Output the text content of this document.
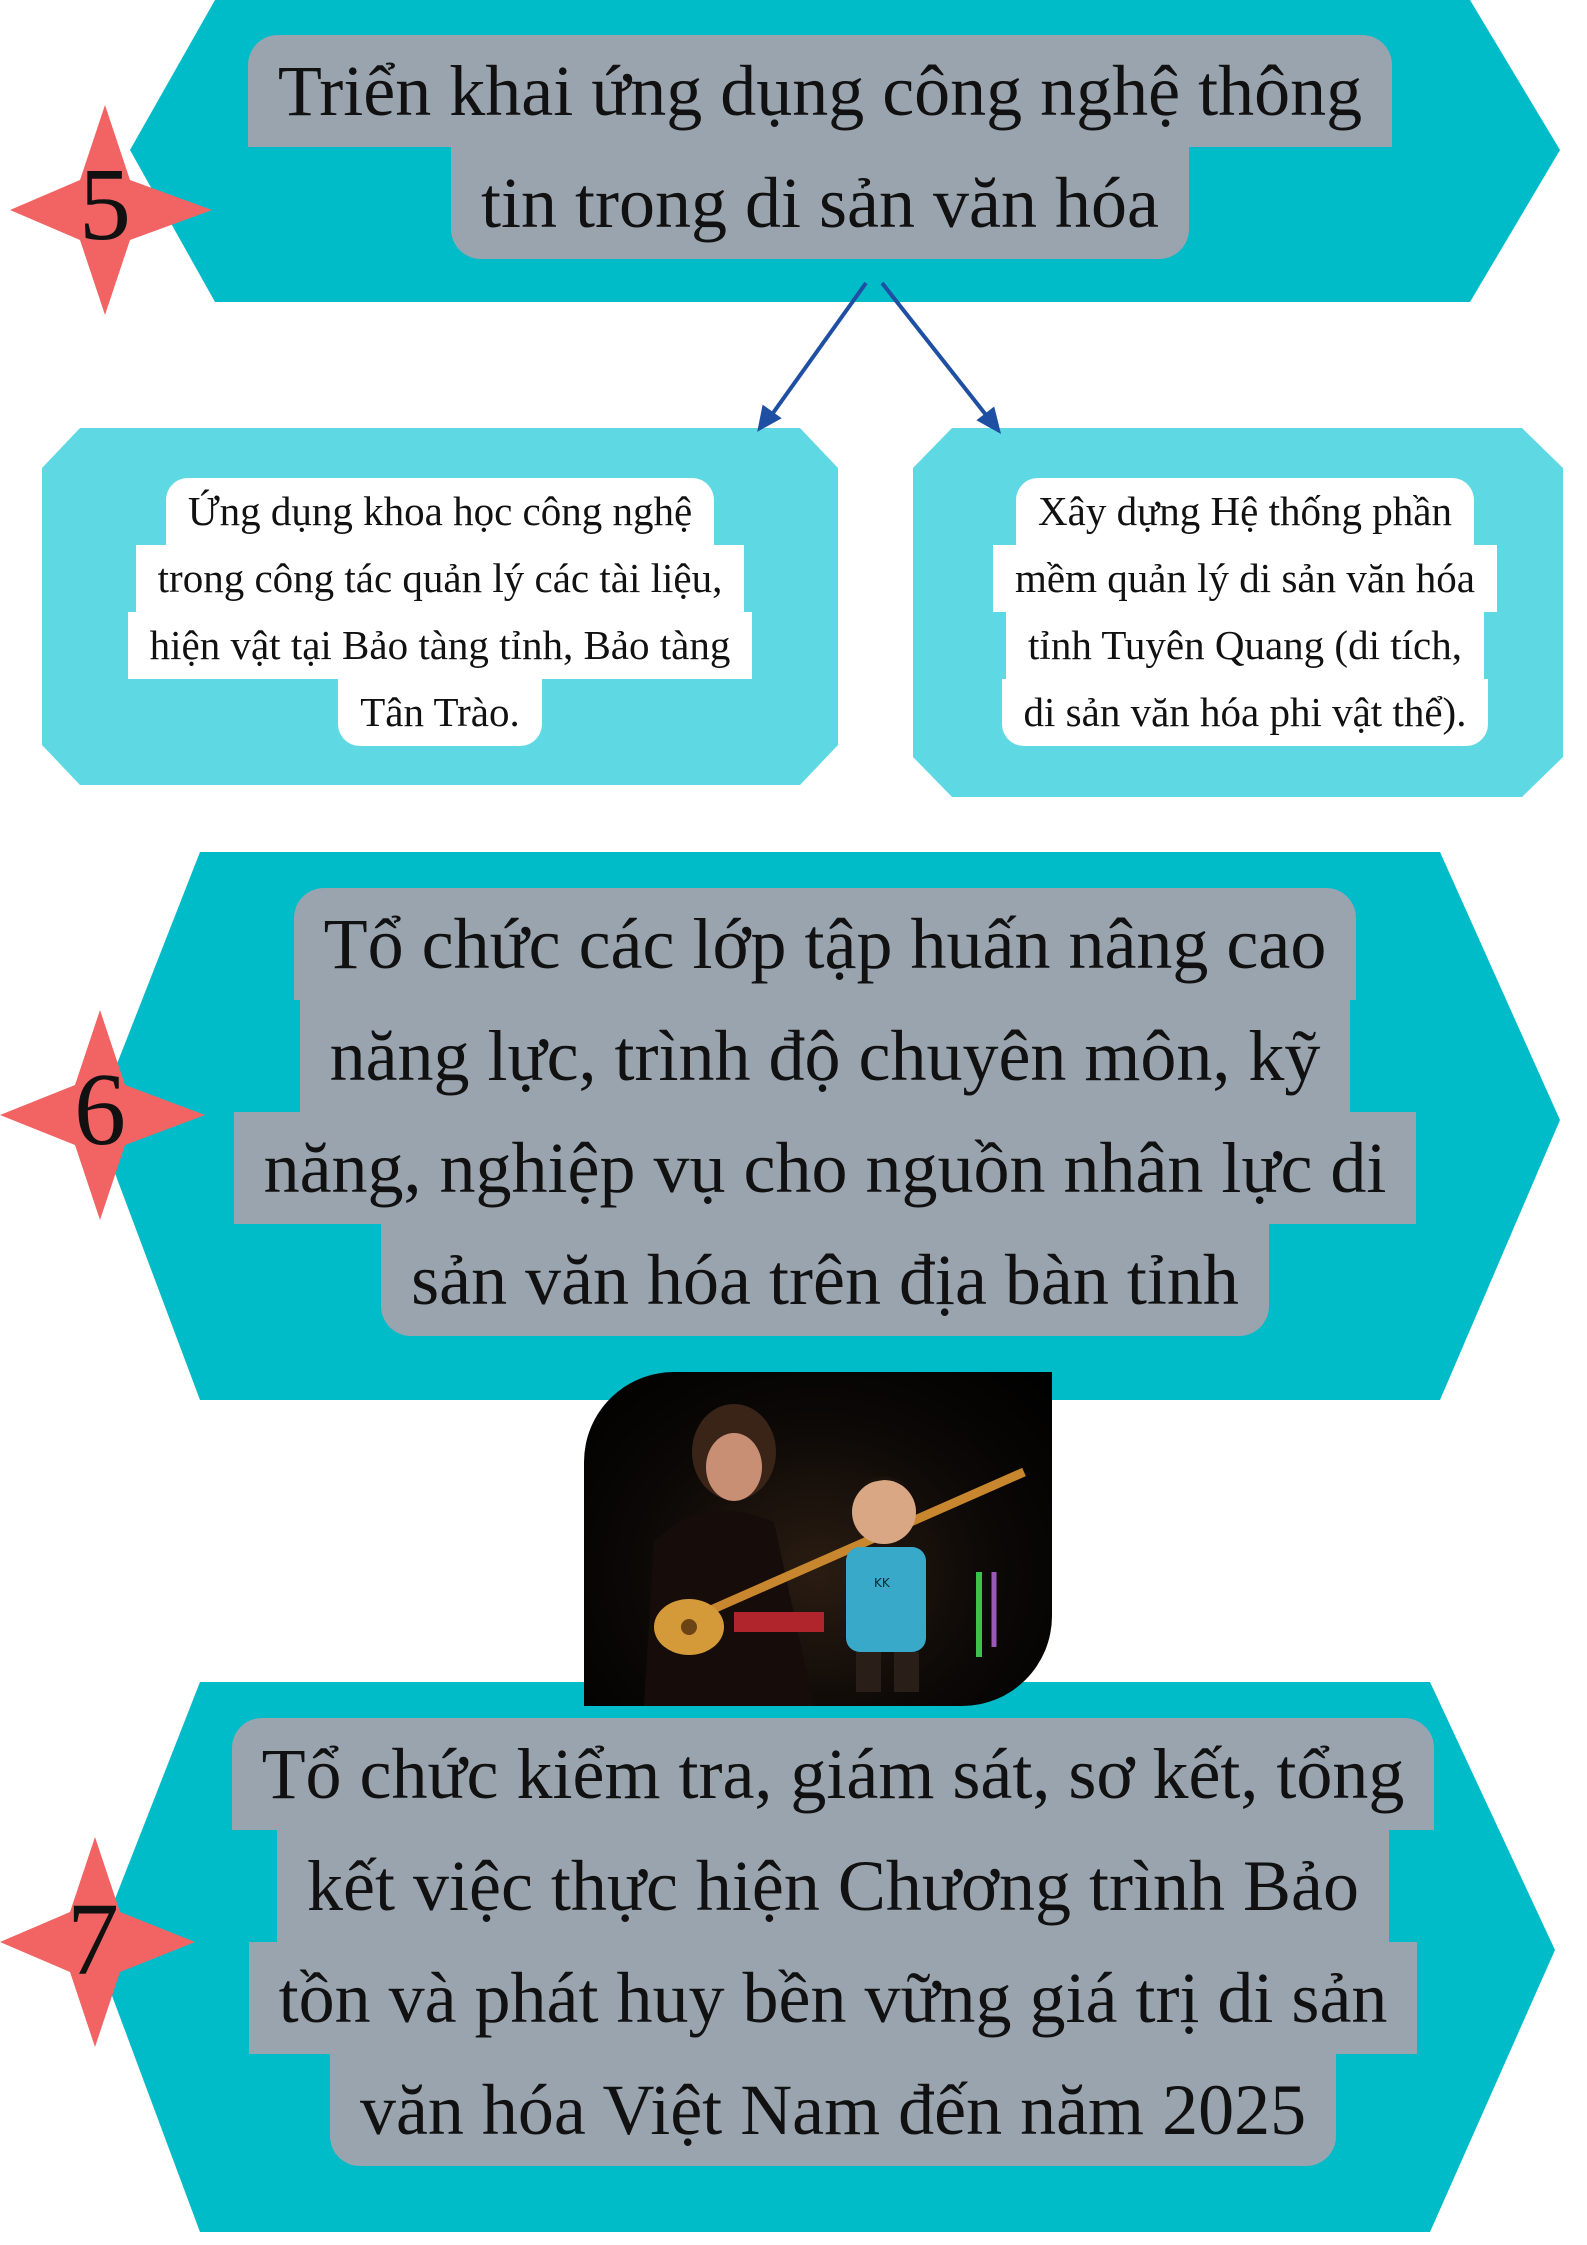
5
Triển khai ứng dụng công nghệ thông
tin trong di sản văn hóa
Ứng dụng khoa học công nghệ
trong công tác quản lý các tài liệu,
hiện vật tại Bảo tàng tỉnh, Bảo tàng
Tân Trào.
Xây dựng Hệ thống phần
mềm quản lý di sản văn hóa
tỉnh Tuyên Quang (di tích,
di sản văn hóa phi vật thể).
6
Tổ chức các lớp tập huấn nâng cao
năng lực, trình độ chuyên môn, kỹ
năng, nghiệp vụ cho nguồn nhân lực di
sản văn hóa trên địa bàn tỉnh
KK
7
Tổ chức kiểm tra, giám sát, sơ kết, tổng
kết việc thực hiện Chương trình Bảo
tồn và phát huy bền vững giá trị di sản
văn hóa Việt Nam đến năm 2025
